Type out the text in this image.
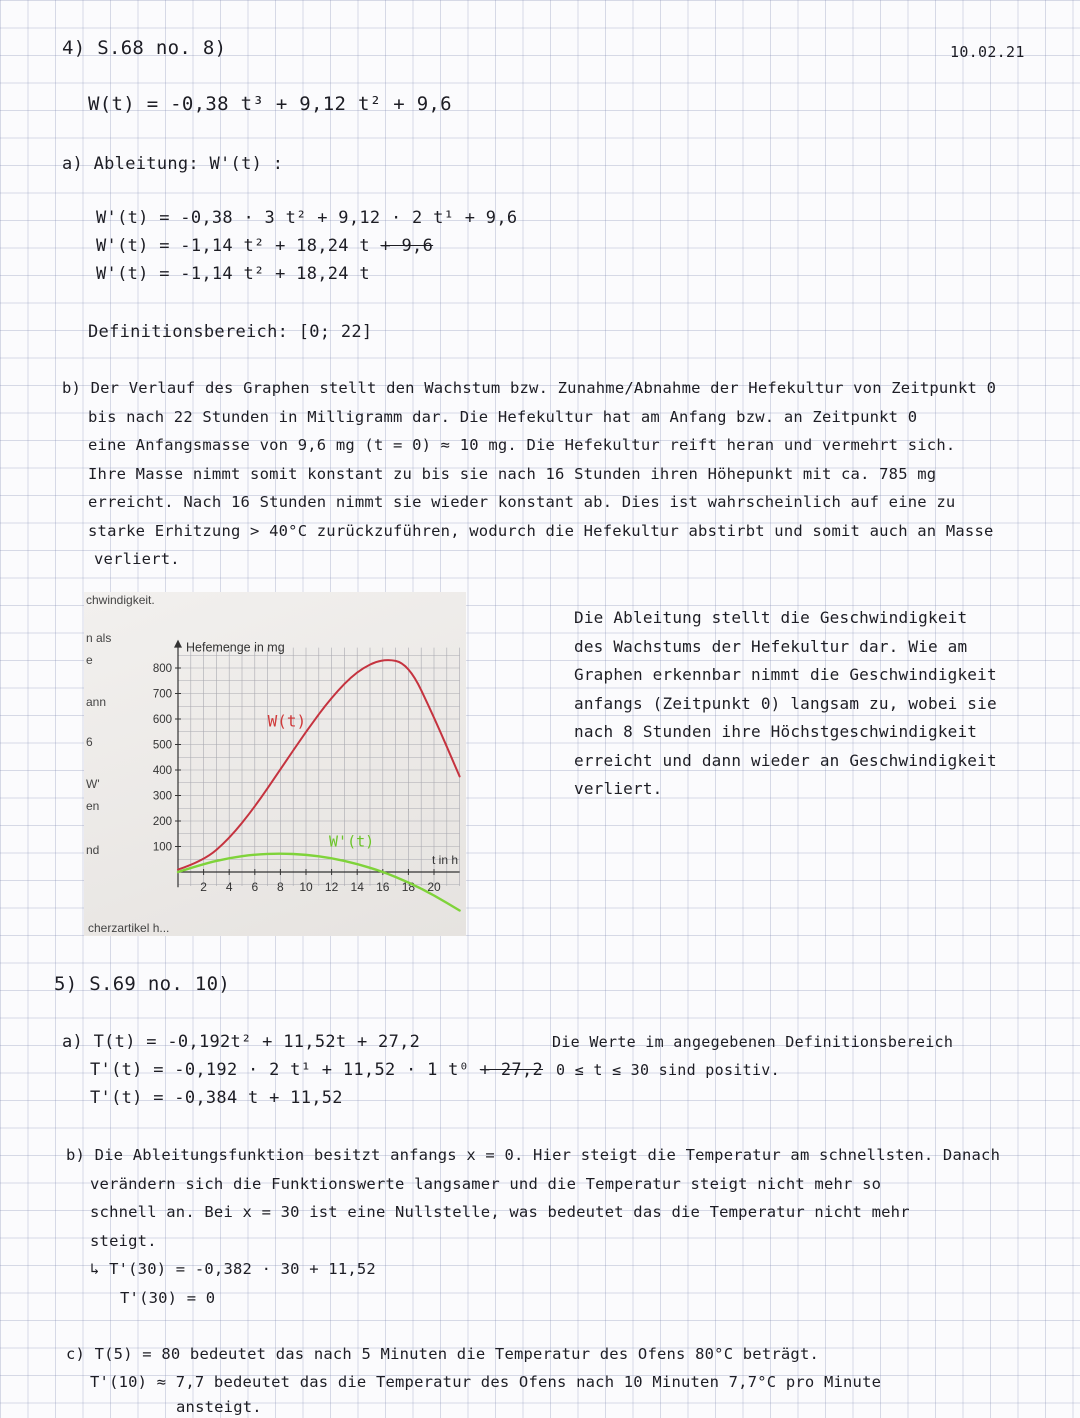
4) S.68 no. 8)	10.02.21
W(t) = -0,38 t³ + 9,12 t² + 9,6
a) Ableitung: W'(t) :
W'(t) = -0,38 · 3 t² + 9,12 · 2 t¹ + 9,6
W'(t) = -1,14 t² + 18,24 t + 9,6
W'(t) = -1,14 t² + 18,24 t
Definitionsbereich: [0; 22]
b) Der Verlauf des Graphen stellt den Wachstum bzw. Zunahme/Abnahme der Hefekultur von Zeitpunkt 0
bis nach 22 Stunden in Milligramm dar. Die Hefekultur hat am Anfang bzw. an Zeitpunkt 0
eine Anfangsmasse von 9,6 mg (t = 0) ≈ 10 mg. Die Hefekultur reift heran und vermehrt sich.
Ihre Masse nimmt somit konstant zu bis sie nach 16 Stunden ihren Höhepunkt mit ca. 785 mg
erreicht. Nach 16 Stunden nimmt sie wieder konstant ab. Dies ist wahrscheinlich auf eine zu
starke Erhitzung > 40°C zurückzuführen, wodurch die Hefekultur abstirbt und somit auch an Masse
verliert.
chwindigkeit.
n als
e
ann
6
W'
en
nd
cherzartikel h...
Hefemenge in mg
t in h
2 4 6 8 10 12 14 16 18 20
100
200
300
400
500
600
700
800
W(t)
W'(t)
Die Ableitung stellt die Geschwindigkeit
des Wachstums der Hefekultur dar. Wie am
Graphen erkennbar nimmt die Geschwindigkeit
anfangs (Zeitpunkt 0) langsam zu, wobei sie
nach 8 Stunden ihre Höchstgeschwindigkeit
erreicht und dann wieder an Geschwindigkeit
verliert.
5) S.69 no. 10)
a) T(t) = -0,192t² + 11,52t + 27,2
T'(t) = -0,192 · 2 t¹ + 11,52 · 1 t⁰ + 27,2
T'(t) = -0,384 t + 11,52
Die Werte im angegebenen Definitionsbereich
0 ≤ t ≤ 30 sind positiv.
b) Die Ableitungsfunktion besitzt anfangs x = 0. Hier steigt die Temperatur am schnellsten. Danach
verändern sich die Funktionswerte langsamer und die Temperatur steigt nicht mehr so
schnell an. Bei x = 30 ist eine Nullstelle, was bedeutet das die Temperatur nicht mehr
steigt.
↳ T'(30) = -0,382 · 30 + 11,52
T'(30) = 0
c) T(5) = 80 bedeutet das nach 5 Minuten die Temperatur des Ofens 80°C beträgt.
T'(10) ≈ 7,7 bedeutet das die Temperatur des Ofens nach 10 Minuten 7,7°C pro Minute
ansteigt.
